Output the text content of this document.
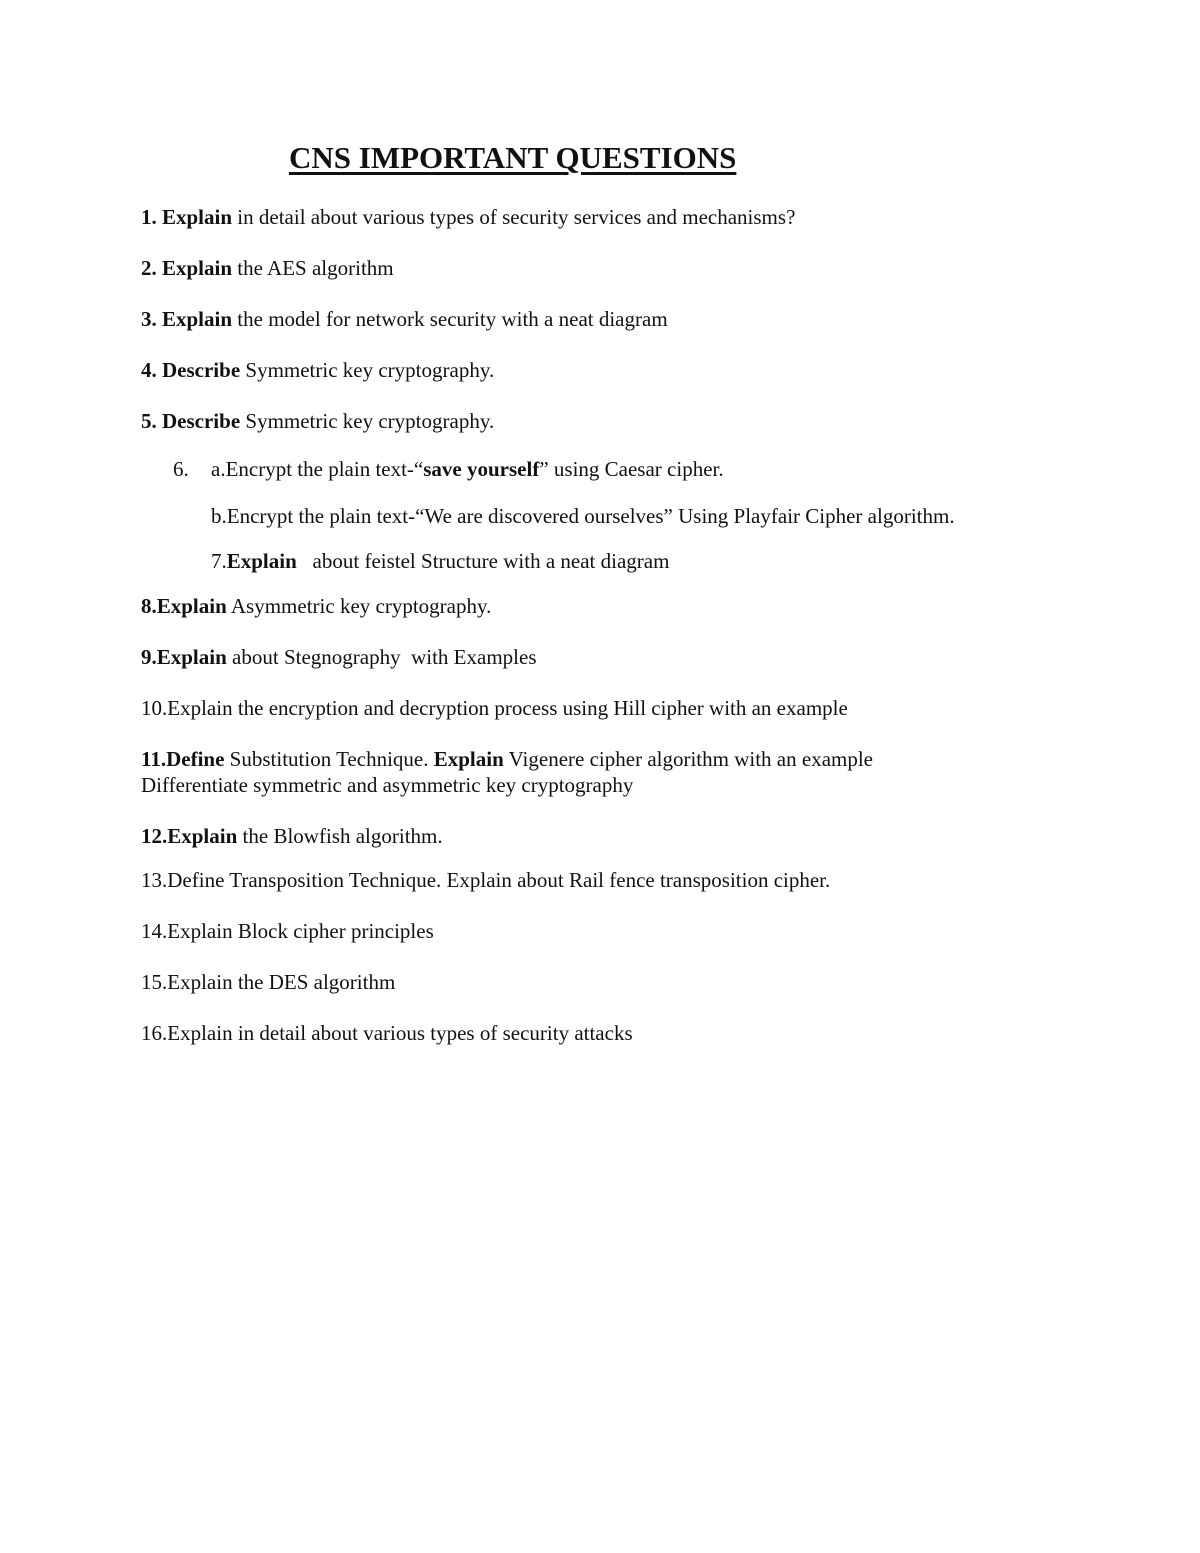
CNS IMPORTANT QUESTIONS

1. Explain in detail about various types of security services and mechanisms?

2. Explain the AES algorithm

3. Explain the model for network security with a neat diagram

4. Describe Symmetric key cryptography.

5. Describe Symmetric key cryptography.

6. a.Encrypt the plain text-“save yourself” using Caesar cipher.

b.Encrypt the plain text-“We are discovered ourselves” Using Playfair Cipher algorithm.

7.Explain   about feistel Structure with a neat diagram

8.Explain Asymmetric key cryptography.

9.Explain about Stegnography  with Examples

10.Explain the encryption and decryption process using Hill cipher with an example

11.Define Substitution Technique. Explain Vigenere cipher algorithm with an example

Differentiate symmetric and asymmetric key cryptography

12.Explain the Blowfish algorithm.

13.Define Transposition Technique. Explain about Rail fence transposition cipher.

14.Explain Block cipher principles

15.Explain the DES algorithm

16.Explain in detail about various types of security attacks
